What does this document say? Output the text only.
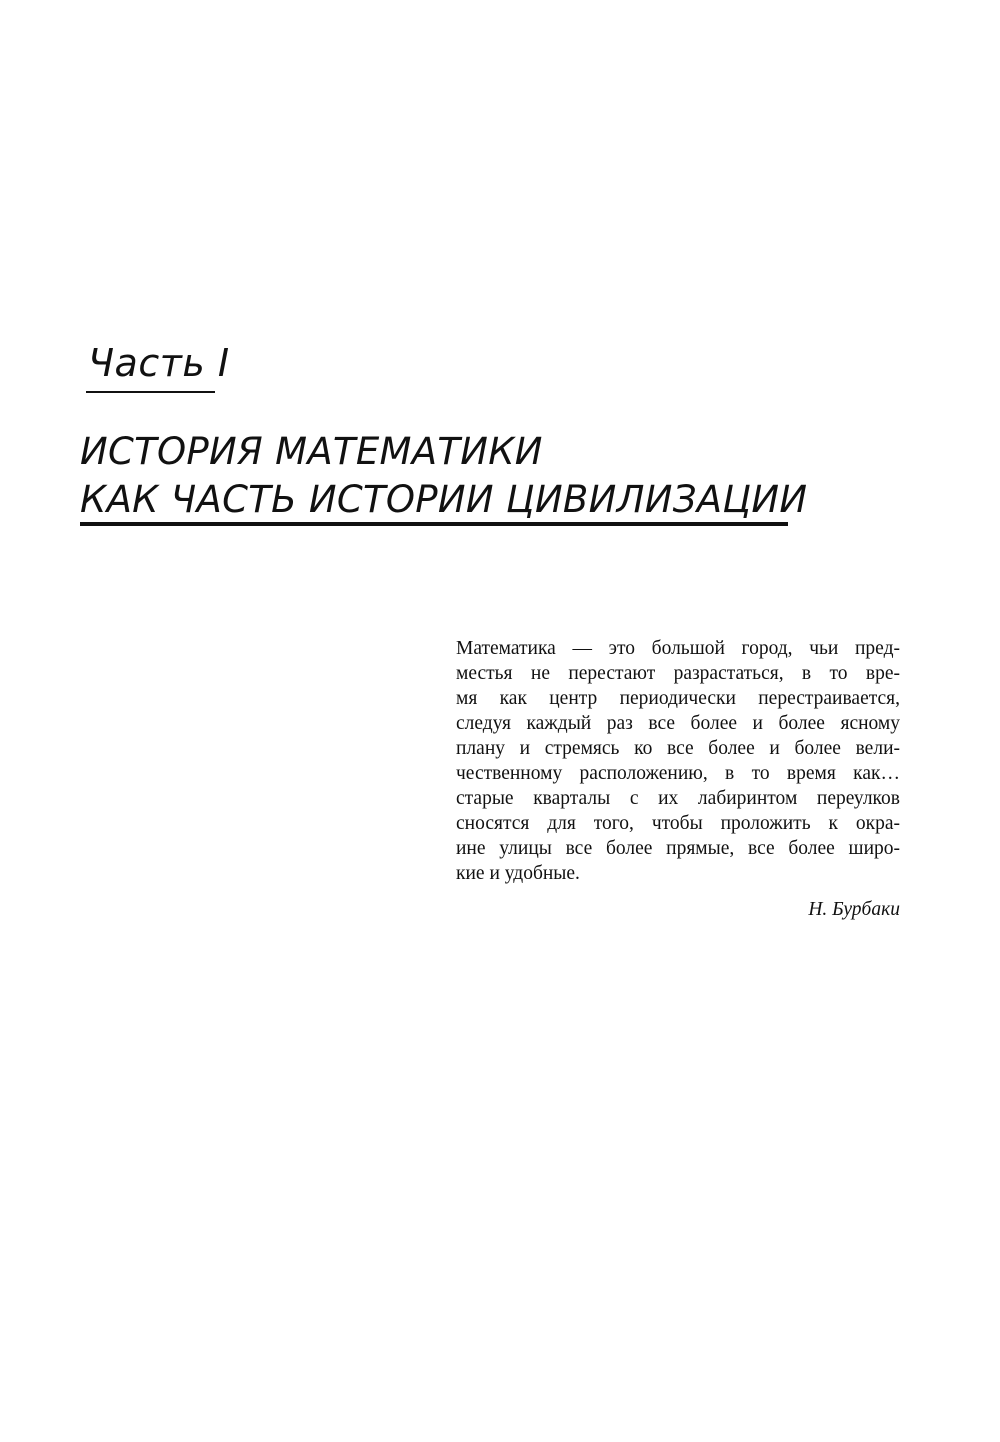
Часть I
ИСТОРИЯ МАТЕМАТИКИ
КАК ЧАСТЬ ИСТОРИИ ЦИВИЛИЗАЦИИ
Математика — это большой город, чьи пред-
местья не перестают разрастаться, в то вре-
мя как центр периодически перестраивается,
следуя каждый раз все более и более ясному
плану и стремясь ко все более и более вели-
чественному расположению, в то время как…
старые кварталы с их лабиринтом переулков
сносятся для того, чтобы проложить к окра-
ине улицы все более прямые, все более широ-
кие и удобные.
Н. Бурбаки
